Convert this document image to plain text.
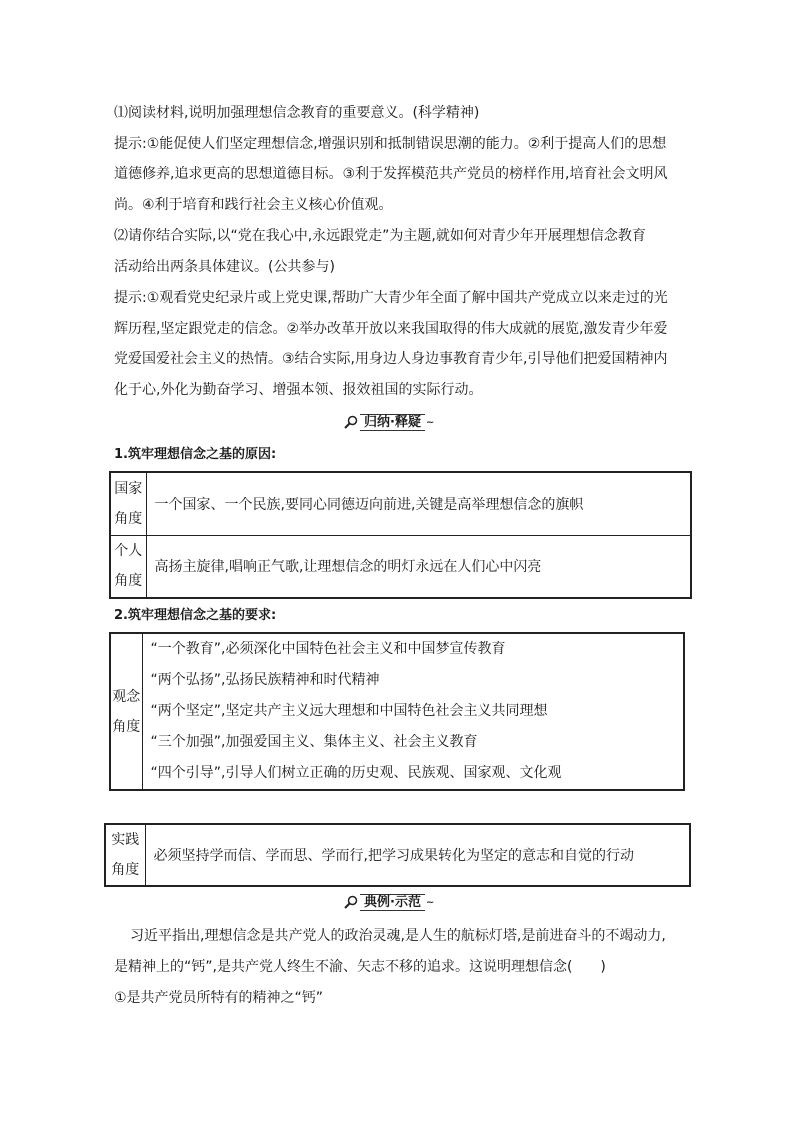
⑴阅读材料,说明加强理想信念教育的重要意义。(科学精神)
提示:①能促使人们坚定理想信念,增强识别和抵制错误思潮的能力。②利于提高人们的思想
道德修养,追求更高的思想道德目标。③利于发挥模范共产党员的榜样作用,培育社会文明风
尚。④利于培育和践行社会主义核心价值观。
⑵请你结合实际,以“党在我心中,永远跟党走”为主题,就如何对青少年开展理想信念教育
活动给出两条具体建议。(公共参与)
提示:①观看党史纪录片或上党史课,帮助广大青少年全面了解中国共产党成立以来走过的光
辉历程,坚定跟党走的信念。②举办改革开放以来我国取得的伟大成就的展览,激发青少年爱
党爱国爱社会主义的热情。③结合实际,用身边人身边事教育青少年,引导他们把爱国精神内
化于心,外化为勤奋学习、增强本领、报效祖国的实际行动。
归纳·释疑 ~
1.筑牢理想信念之基的原因:
国家
角度	一个国家、一个民族,要同心同德迈向前进,关键是高举理想信念的旗帜
个人
角度	高扬主旋律,唱响正气歌,让理想信念的明灯永远在人们心中闪亮
2.筑牢理想信念之基的要求:
观念
角度	
“一个教育”,必须深化中国特色社会主义和中国梦宣传教育
“两个弘扬”,弘扬民族精神和时代精神
“两个坚定”,坚定共产主义远大理想和中国特色社会主义共同理想
“三个加强”,加强爱国主义、集体主义、社会主义教育
“四个引导”,引导人们树立正确的历史观、民族观、国家观、文化观
实践
角度	必须坚持学而信、学而思、学而行,把学习成果转化为坚定的意志和自觉的行动
典例·示范 ~
习近平指出,理想信念是共产党人的政治灵魂,是人生的航标灯塔,是前进奋斗的不竭动力,
是精神上的“钙”,是共产党人终生不渝、矢志不移的追求。这说明理想信念(　　)
①是共产党员所特有的精神之“钙”
